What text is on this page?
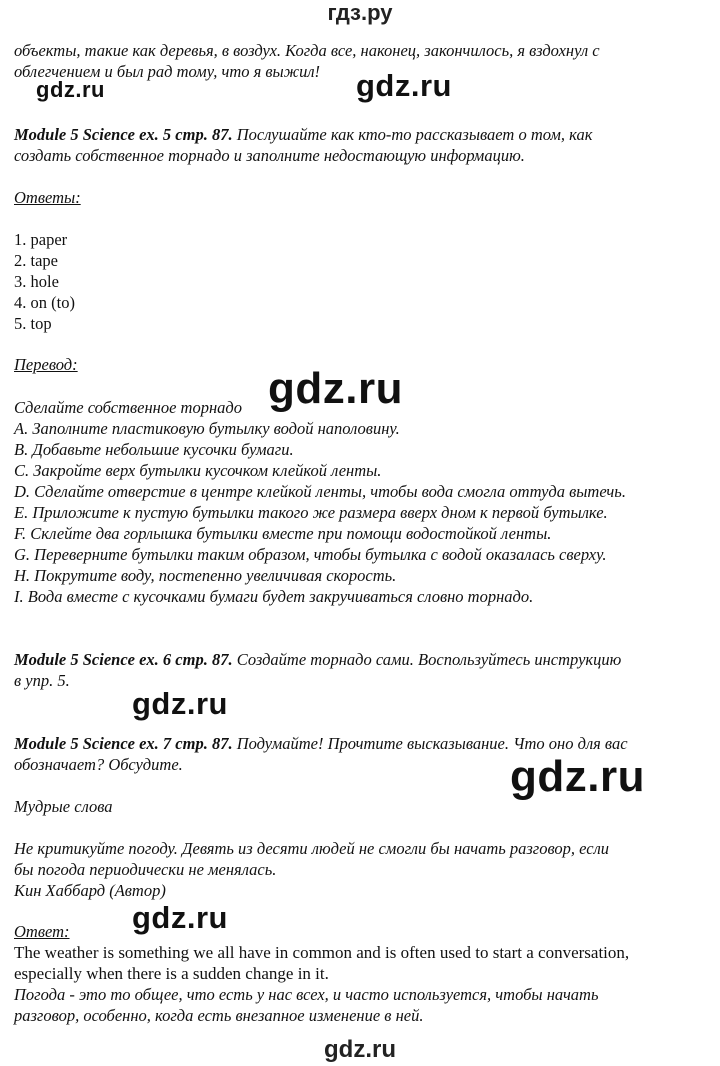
гдз.ру
объекты, такие как деревья, в воздух. Когда все, наконец, закончилось, я вздохнул с
облегчением и был рад тому, что я выжил!
gdz.ru	gdz.ru
Module 5 Science ex. 5 стр. 87. Послушайте как кто-то рассказывает о том, как
создать собственное торнадо и заполните недостающую информацию.
Ответы:
1. paper
2. tape
3. hole
4. on (to)
5. top
Перевод:
Сделайте собственное торнадо gdz.ru
A. Заполните пластиковую бутылку водой наполовину.
B. Добавьте небольшие кусочки бумаги.
C. Закройте верх бутылки кусочком клейкой ленты.
D. Сделайте отверстие в центре клейкой ленты, чтобы вода смогла оттуда вытечь.
E. Приложите к пустую бутылки такого же размера вверх дном к первой бутылке.
F. Склейте два горлышка бутылки вместе при помощи водостойкой ленты.
G. Переверните бутылки таким образом, чтобы бутылка с водой оказалась сверху.
H. Покрутите воду, постепенно увеличивая скорость.
I. Вода вместе с кусочками бумаги будет закручиваться словно торнадо.
Module 5 Science ex. 6 стр. 87. Создайте торнадо сами. Воспользуйтесь инструкцию
в упр. 5.
gdz.ru
Module 5 Science ex. 7 стр. 87. Подумайте! Прочтите высказывание. Что оно для вас
обозначает? Обсудите.	gdz.ru
Мудрые слова
Не критикуйте погоду. Девять из десяти людей не смогли бы начать разговор, если
бы погода периодически не менялась.
Кин Хаббард (Автор)
Ответ:	gdz.ru
The weather is something we all have in common and is often used to start a conversation,
especially when there is a sudden change in it.
Погода - это то общее, что есть у нас всех, и часто используется, чтобы начать
разговор, особенно, когда есть внезапное изменение в ней.
gdz.ru
